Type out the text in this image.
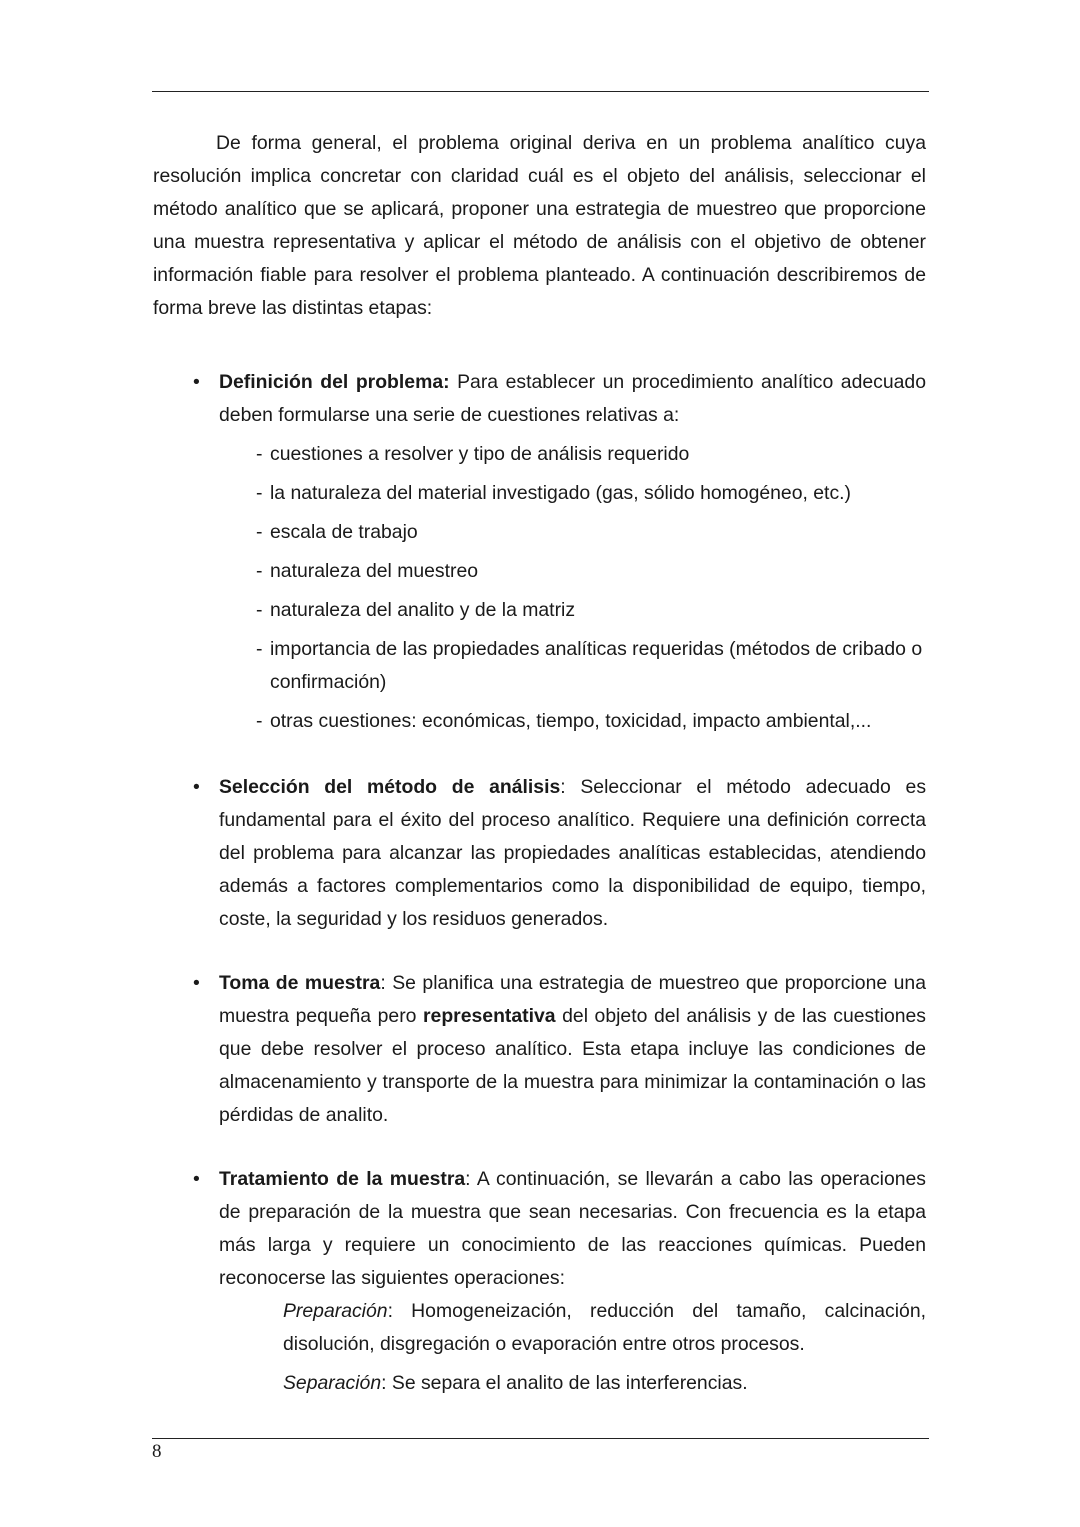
De forma general, el problema original deriva en un problema analítico cuya resolución implica concretar con claridad cuál es el objeto del análisis, seleccionar el método analítico que se aplicará, proponer una estrategia de muestreo que proporcione una muestra representativa y aplicar el método de análisis con el objetivo de obtener información fiable para resolver el problema planteado. A continuación describiremos de forma breve las distintas etapas:

• Definición del problema: Para establecer un procedimiento analítico adecuado deben formularse una serie de cuestiones relativas a:
- cuestiones a resolver y tipo de análisis requerido
- la naturaleza del material investigado (gas, sólido homogéneo, etc.)
- escala de trabajo
- naturaleza del muestreo
- naturaleza del analito y de la matriz
- importancia de las propiedades analíticas requeridas (métodos de cribado o confirmación)
- otras cuestiones: económicas, tiempo, toxicidad, impacto ambiental,...
• Selección del método de análisis: Seleccionar el método adecuado es fundamental para el éxito del proceso analítico. Requiere una definición correcta del problema para alcanzar las propiedades analíticas establecidas, atendiendo además a factores complementarios como la disponibilidad de equipo, tiempo, coste, la seguridad y los residuos generados.
• Toma de muestra: Se planifica una estrategia de muestreo que proporcione una muestra pequeña pero representativa del objeto del análisis y de las cuestiones que debe resolver el proceso analítico. Esta etapa incluye las condiciones de almacenamiento y transporte de la muestra para minimizar la contaminación o las pérdidas de analito.
• Tratamiento de la muestra: A continuación, se llevarán a cabo las operaciones de preparación de la muestra que sean necesarias. Con frecuencia es la etapa más larga y requiere un conocimiento de las reacciones químicas. Pueden reconocerse las siguientes operaciones:

Preparación: Homogeneización, reducción del tamaño, calcinación, disolución, disgregación o evaporación entre otros procesos.

Separación: Se separa el analito de las interferencias.

8
